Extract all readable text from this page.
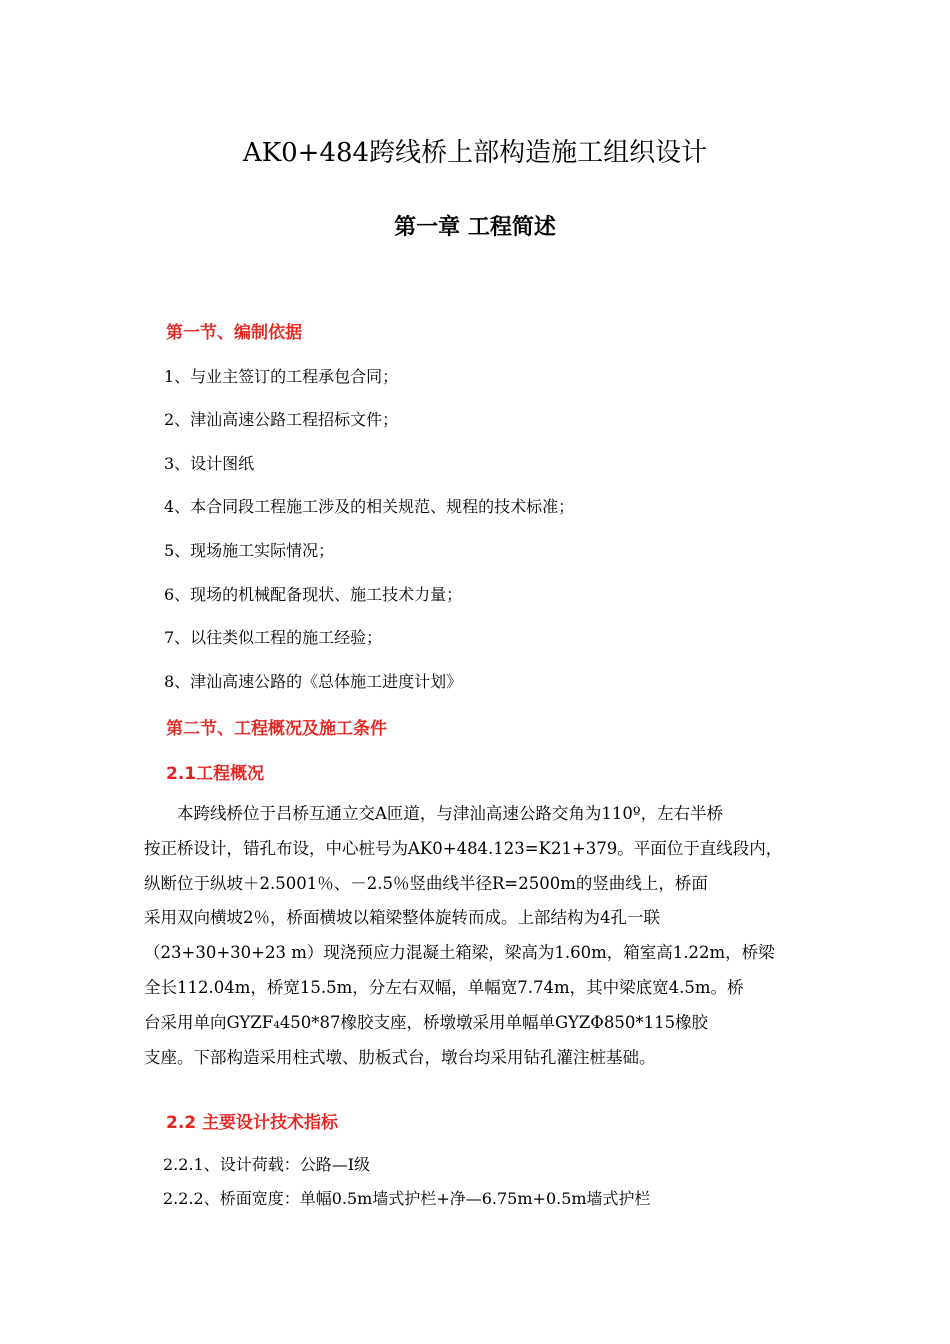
AK0+484跨线桥上部构造施工组织设计
第一章 工程简述
第一节、编制依据
1、与业主签订的工程承包合同；
2、津汕高速公路工程招标文件；
3、设计图纸
4、本合同段工程施工涉及的相关规范、规程的技术标准；
5、现场施工实际情况；
6、现场的机械配备现状、施工技术力量；
7、以往类似工程的施工经验；
8、津汕高速公路的《总体施工进度计划》
第二节、工程概况及施工条件
2.1工程概况

本跨线桥位于吕桥互通立交A匝道，与津汕高速公路交角为110º，左右半桥

按正桥设计，错孔布设，中心桩号为AK0+484.123=K21+379。平面位于直线段内，

纵断位于纵坡＋2.5001％、－2.5％竖曲线半径R=2500m的竖曲线上，桥面

采用双向横坡2％，桥面横坡以箱梁整体旋转而成。上部结构为4孔一联

（23+30+30+23 m）现浇预应力混凝土箱梁，梁高为1.60m，箱室高1.22m，桥梁

全长112.04m，桥宽15.5m，分左右双幅，单幅宽7.74m，其中梁底宽4.5m。桥

台采用单向GYZF₄450*87橡胶支座，桥墩墩采用单幅单GYZΦ850*115橡胶

支座。下部构造采用柱式墩、肋板式台，墩台均采用钻孔灌注桩基础。

2.2 主要设计技术指标
2.2.1、设计荷载：公路—I级
2.2.2、桥面宽度：单幅0.5m墙式护栏+净—6.75m+0.5m墙式护栏
